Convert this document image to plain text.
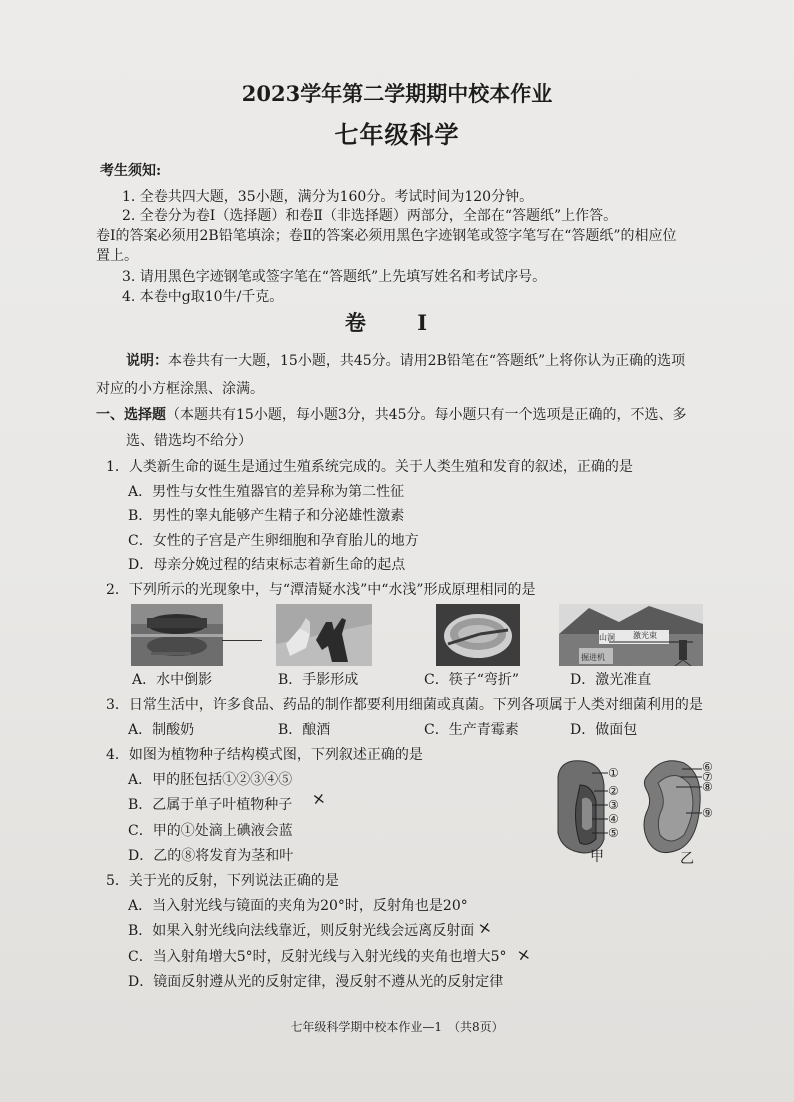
2023学年第二学期期中校本作业
七年级科学
考生须知:
1. 全卷共四大题，35小题，满分为160分。考试时间为120分钟。
2. 全卷分为卷Ⅰ（选择题）和卷Ⅱ（非选择题）两部分，全部在“答题纸”上作答。
卷Ⅰ的答案必须用2B铅笔填涂；卷Ⅱ的答案必须用黑色字迹钢笔或签字笔写在“答题纸”的相应位
置上。
3. 请用黑色字迹钢笔或签字笔在“答题纸”上先填写姓名和考试序号。
4. 本卷中g取10牛/千克。
卷 Ⅰ
说明：本卷共有一大题，15小题，共45分。请用2B铅笔在“答题纸”上将你认为正确的选项
对应的小方框涂黑、涂满。
一、选择题（本题共有15小题，每小题3分，共45分。每小题只有一个选项是正确的，不选、多
选、错选均不给分）
1．人类新生命的诞生是通过生殖系统完成的。关于人类生殖和发育的叙述，正确的是
A．男性与女性生殖器官的差异称为第二性征
B．男性的睾丸能够产生精子和分泌雄性激素
C．女性的子宫是产生卵细胞和孕育胎儿的地方
D．母亲分娩过程的结束标志着新生命的起点
2．下列所示的光现象中，与“潭清疑水浅”中“水浅”形成原理相同的是
山洞 激光束
掘进机
A．水中倒影	B．手影形成	C．筷子“弯折”	D．激光准直
3．日常生活中，许多食品、药品的制作都要利用细菌或真菌。下列各项属于人类对细菌利用的是
A．制酸奶	B．酿酒	C．生产青霉素	D．做面包
4．如图为植物种子结构模式图，下列叙述正确的是
A．甲的胚包括①②③④⑤
B．乙属于单子叶植物种子
C．甲的①处滴上碘液会蓝
D．乙的⑧将发育为茎和叶
×
①
②
③
④
⑤
⑥
⑦
⑧
⑨
甲	乙
5．关于光的反射，下列说法正确的是
A．当入射光线与镜面的夹角为20°时，反射角也是20°
B．如果入射光线向法线靠近，则反射光线会远离反射面 ×
C．当入射角增大5°时，反射光线与入射光线的夹角也增大5° ×
D．镜面反射遵从光的反射定律，漫反射不遵从光的反射定律
七年级科学期中校本作业—1　（共8页）
